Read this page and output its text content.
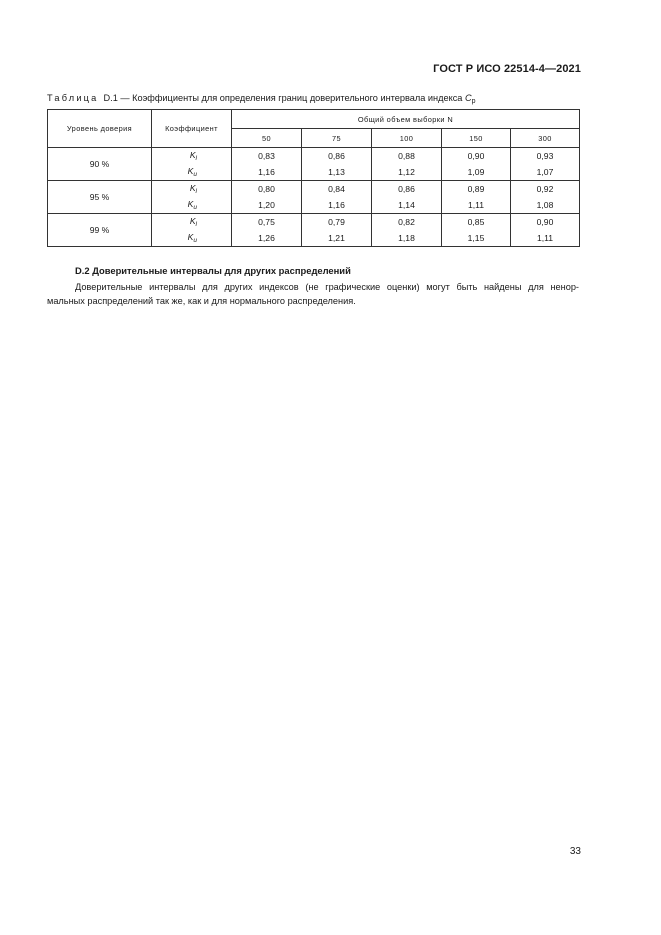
ГОСТ Р ИСО 22514-4—2021
Таблица D.1 — Коэффициенты для определения границ доверительного интервала индекса $C_p$
Уровень доверия	Коэффициент	Общий объем выборки N				
		50	75	100	150	300
90 %	$K_l$	0,83	0,86	0,88	0,90	0,93
	$K_u$	1,16	1,13	1,12	1,09	1,07
95 %	$K_l$	0,80	0,84	0,86	0,89	0,92
	$K_u$	1,20	1,16	1,14	1,11	1,08
99 %	$K_l$	0,75	0,79	0,82	0,85	0,90
	$K_u$	1,26	1,21	1,18	1,15	1,11
D.2 Доверительные интервалы для других распределений
Доверительные интервалы для других индексов (не графические оценки) могут быть найдены для ненор-
мальных распределений так же, как и для нормального распределения.
33
